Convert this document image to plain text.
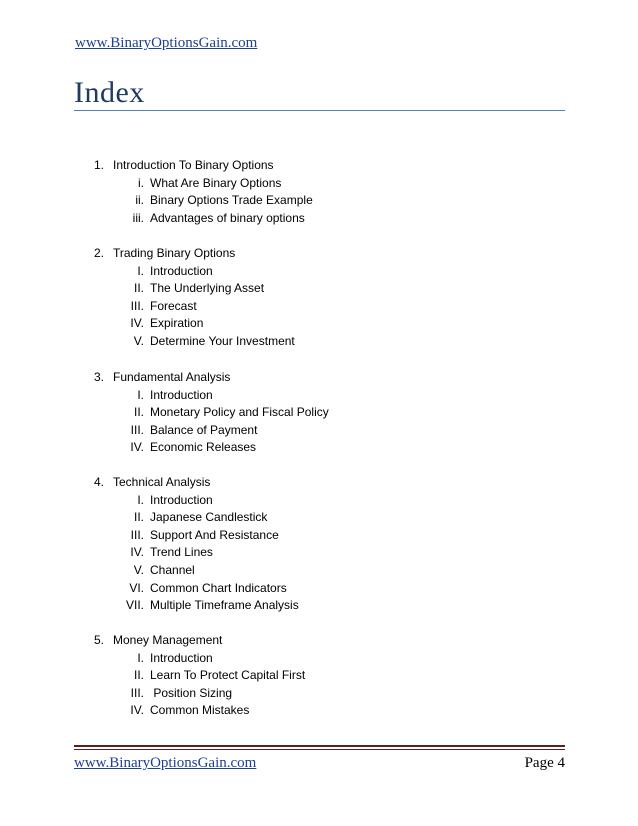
www.BinaryOptionsGain.com
Index
1. Introduction To Binary Options
i. What Are Binary Options
ii. Binary Options Trade Example
iii. Advantages of binary options
2. Trading Binary Options
I. Introduction
II. The Underlying Asset
III. Forecast
IV. Expiration
V. Determine Your Investment
3. Fundamental Analysis
I. Introduction
II. Monetary Policy and Fiscal Policy
III. Balance of Payment
IV. Economic Releases
4. Technical Analysis
I. Introduction
II. Japanese Candlestick
III. Support And Resistance
IV. Trend Lines
V. Channel
VI. Common Chart Indicators
VII. Multiple Timeframe Analysis
5. Money Management
I. Introduction
II. Learn To Protect Capital First
III. Position Sizing
IV. Common Mistakes
www.BinaryOptionsGain.com	Page 4
